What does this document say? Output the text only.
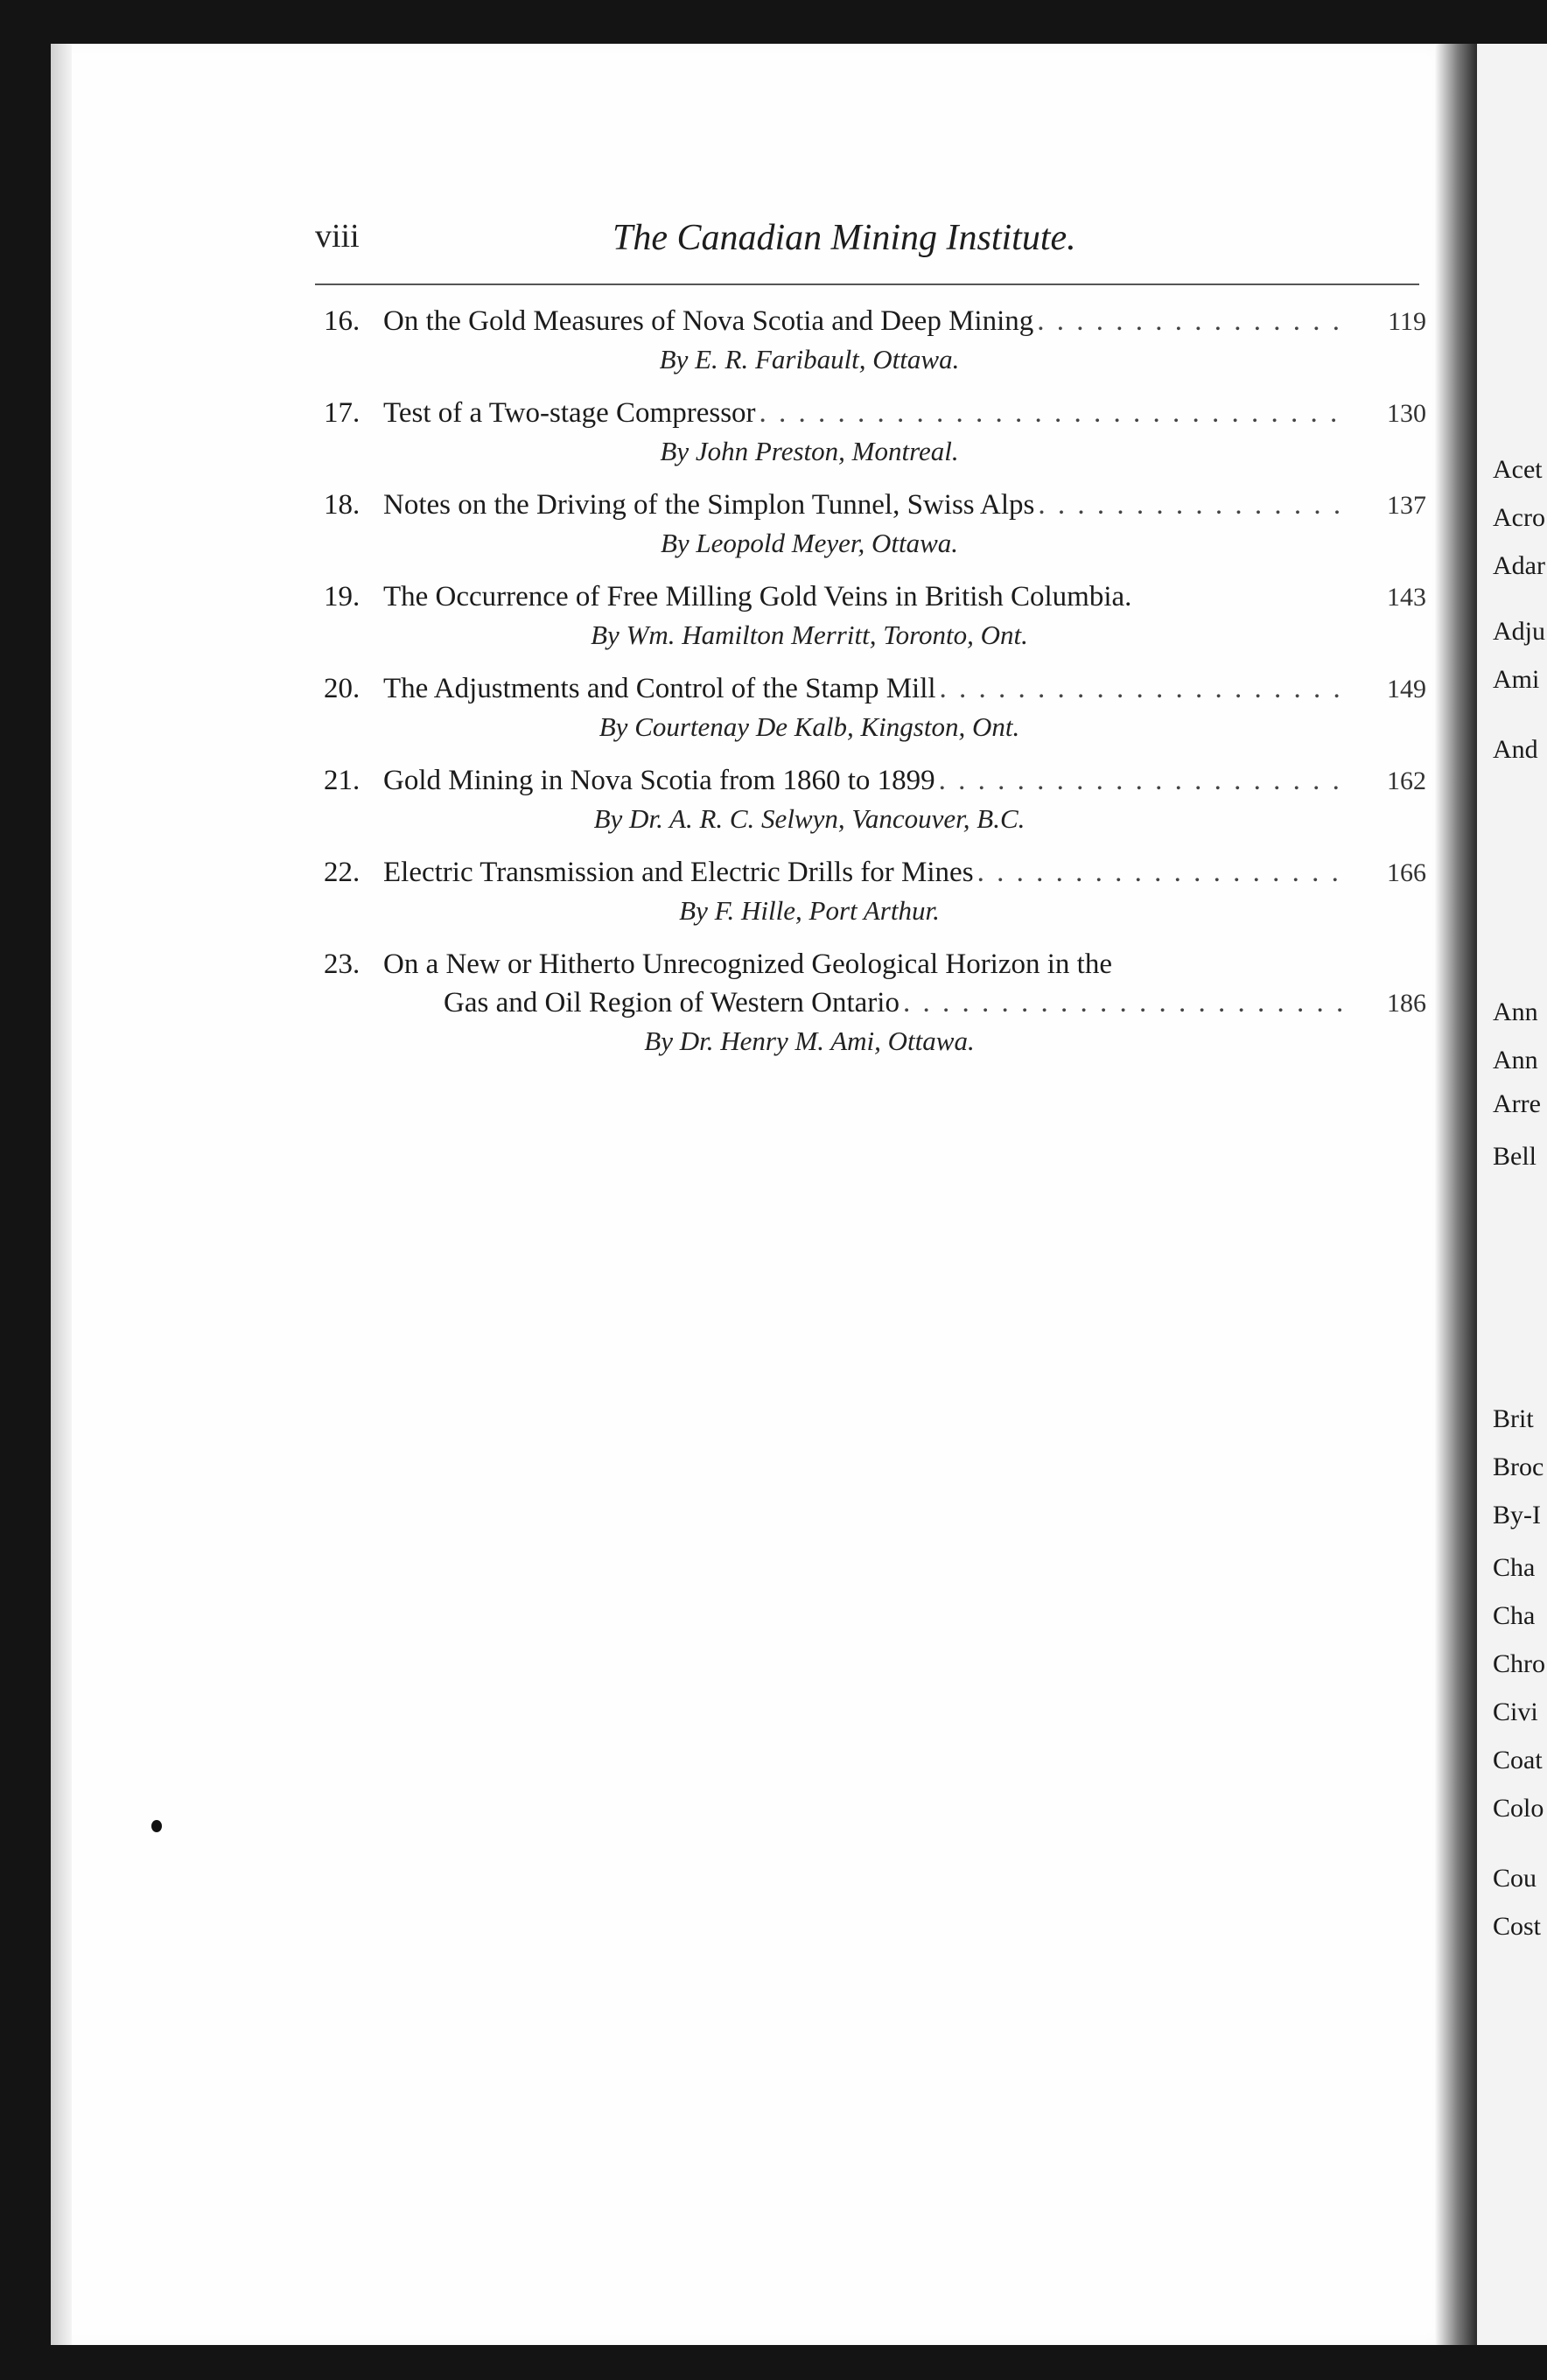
Acet
Acro
Adar
Adju
Ami
And
Ann
Ann
Arre
Bell
Brit
Broc
By-I
Cha
Cha
Chro
Civi
Coat
Colo
Cou
Cost
viii	The Canadian Mining Institute.
16. On the Gold Measures of Nova Scotia and Deep Mining . . .	119
By E. R. Faribault, Ottawa.
17. Test of a Two-stage Compressor . . .	130
By John Preston, Montreal.
18. Notes on the Driving of the Simplon Tunnel, Swiss Alps . . .	137
By Leopold Meyer, Ottawa.
19. The Occurrence of Free Milling Gold Veins in British Columbia.	143
By Wm. Hamilton Merritt, Toronto, Ont.
20. The Adjustments and Control of the Stamp Mill . . .	149
By Courtenay De Kalb, Kingston, Ont.
21. Gold Mining in Nova Scotia from 1860 to 1899 . . .	162
By Dr. A. R. C. Selwyn, Vancouver, B.C.
22. Electric Transmission and Electric Drills for Mines . . .	166
By F. Hille, Port Arthur.
23. On a New or Hitherto Unrecognized Geological Horizon in the
Gas and Oil Region of Western Ontario . . .	186
By Dr. Henry M. Ami, Ottawa.
